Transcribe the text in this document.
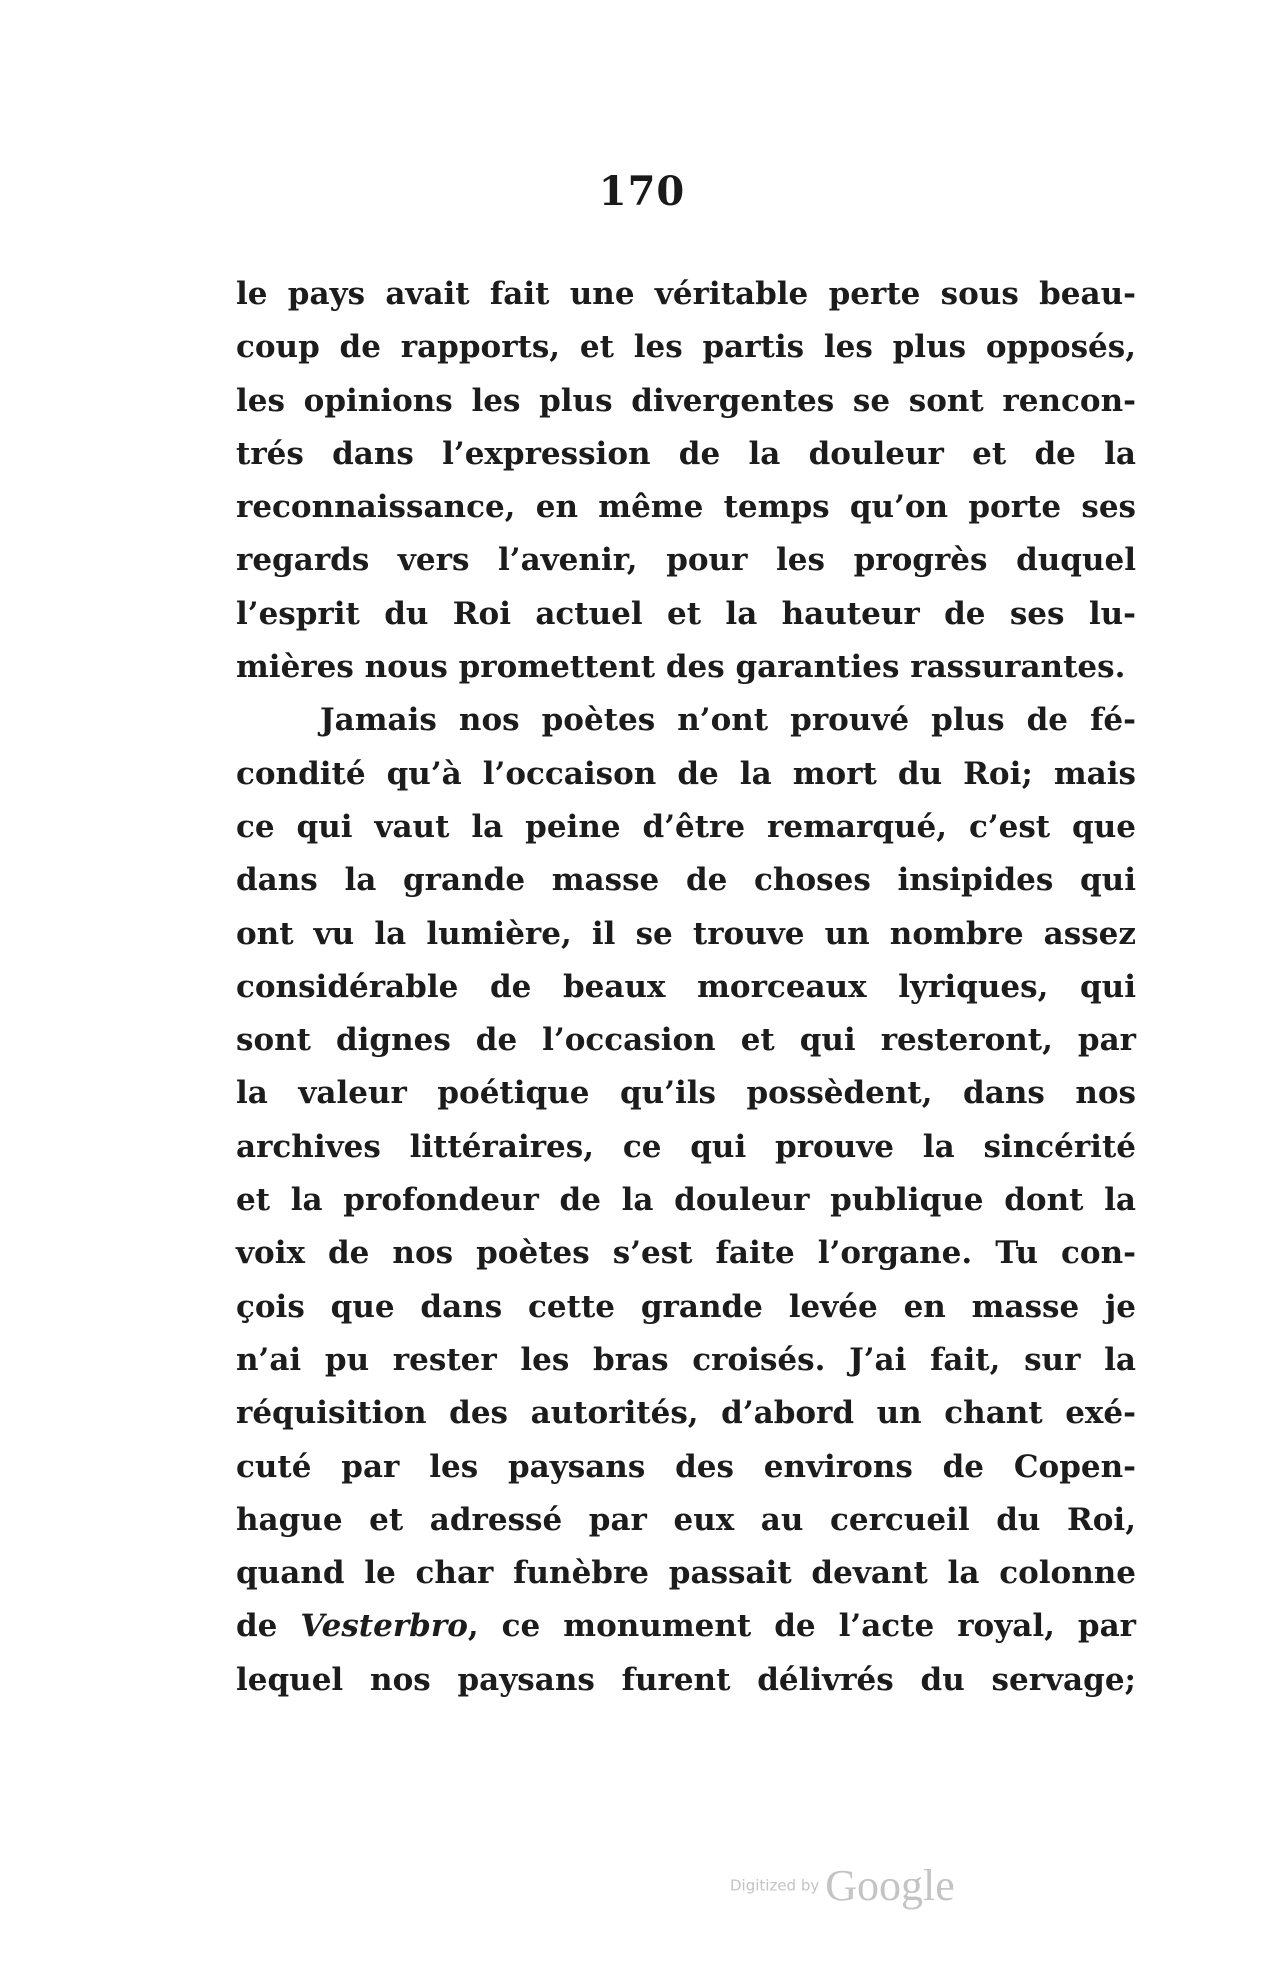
170
le pays avait fait une véritable perte sous beau-
coup de rapports, et les partis les plus opposés,
les opinions les plus divergentes se sont rencon-
trés dans l’expression de la douleur et de la
reconnaissance, en même temps qu’on porte ses
regards vers l’avenir, pour les progrès duquel
l’esprit du Roi actuel et la hauteur de ses lu-
mières nous promettent des garanties rassurantes.
Jamais nos poètes n’ont prouvé plus de fé-
condité qu’à l’occaison de la mort du Roi; mais
ce qui vaut la peine d’être remarqué, c’est que
dans la grande masse de choses insipides qui
ont vu la lumière, il se trouve un nombre assez
considérable de beaux morceaux lyriques, qui
sont dignes de l’occasion et qui resteront, par
la valeur poétique qu’ils possèdent, dans nos
archives littéraires, ce qui prouve la sincérité
et la profondeur de la douleur publique dont la
voix de nos poètes s’est faite l’organe. Tu con-
çois que dans cette grande levée en masse je
n’ai pu rester les bras croisés. J’ai fait, sur la
réquisition des autorités, d’abord un chant exé-
cuté par les paysans des environs de Copen-
hague et adressé par eux au cercueil du Roi,
quand le char funèbre passait devant la colonne
de Vesterbro, ce monument de l’acte royal, par
lequel nos paysans furent délivrés du servage;
Digitized by Google
